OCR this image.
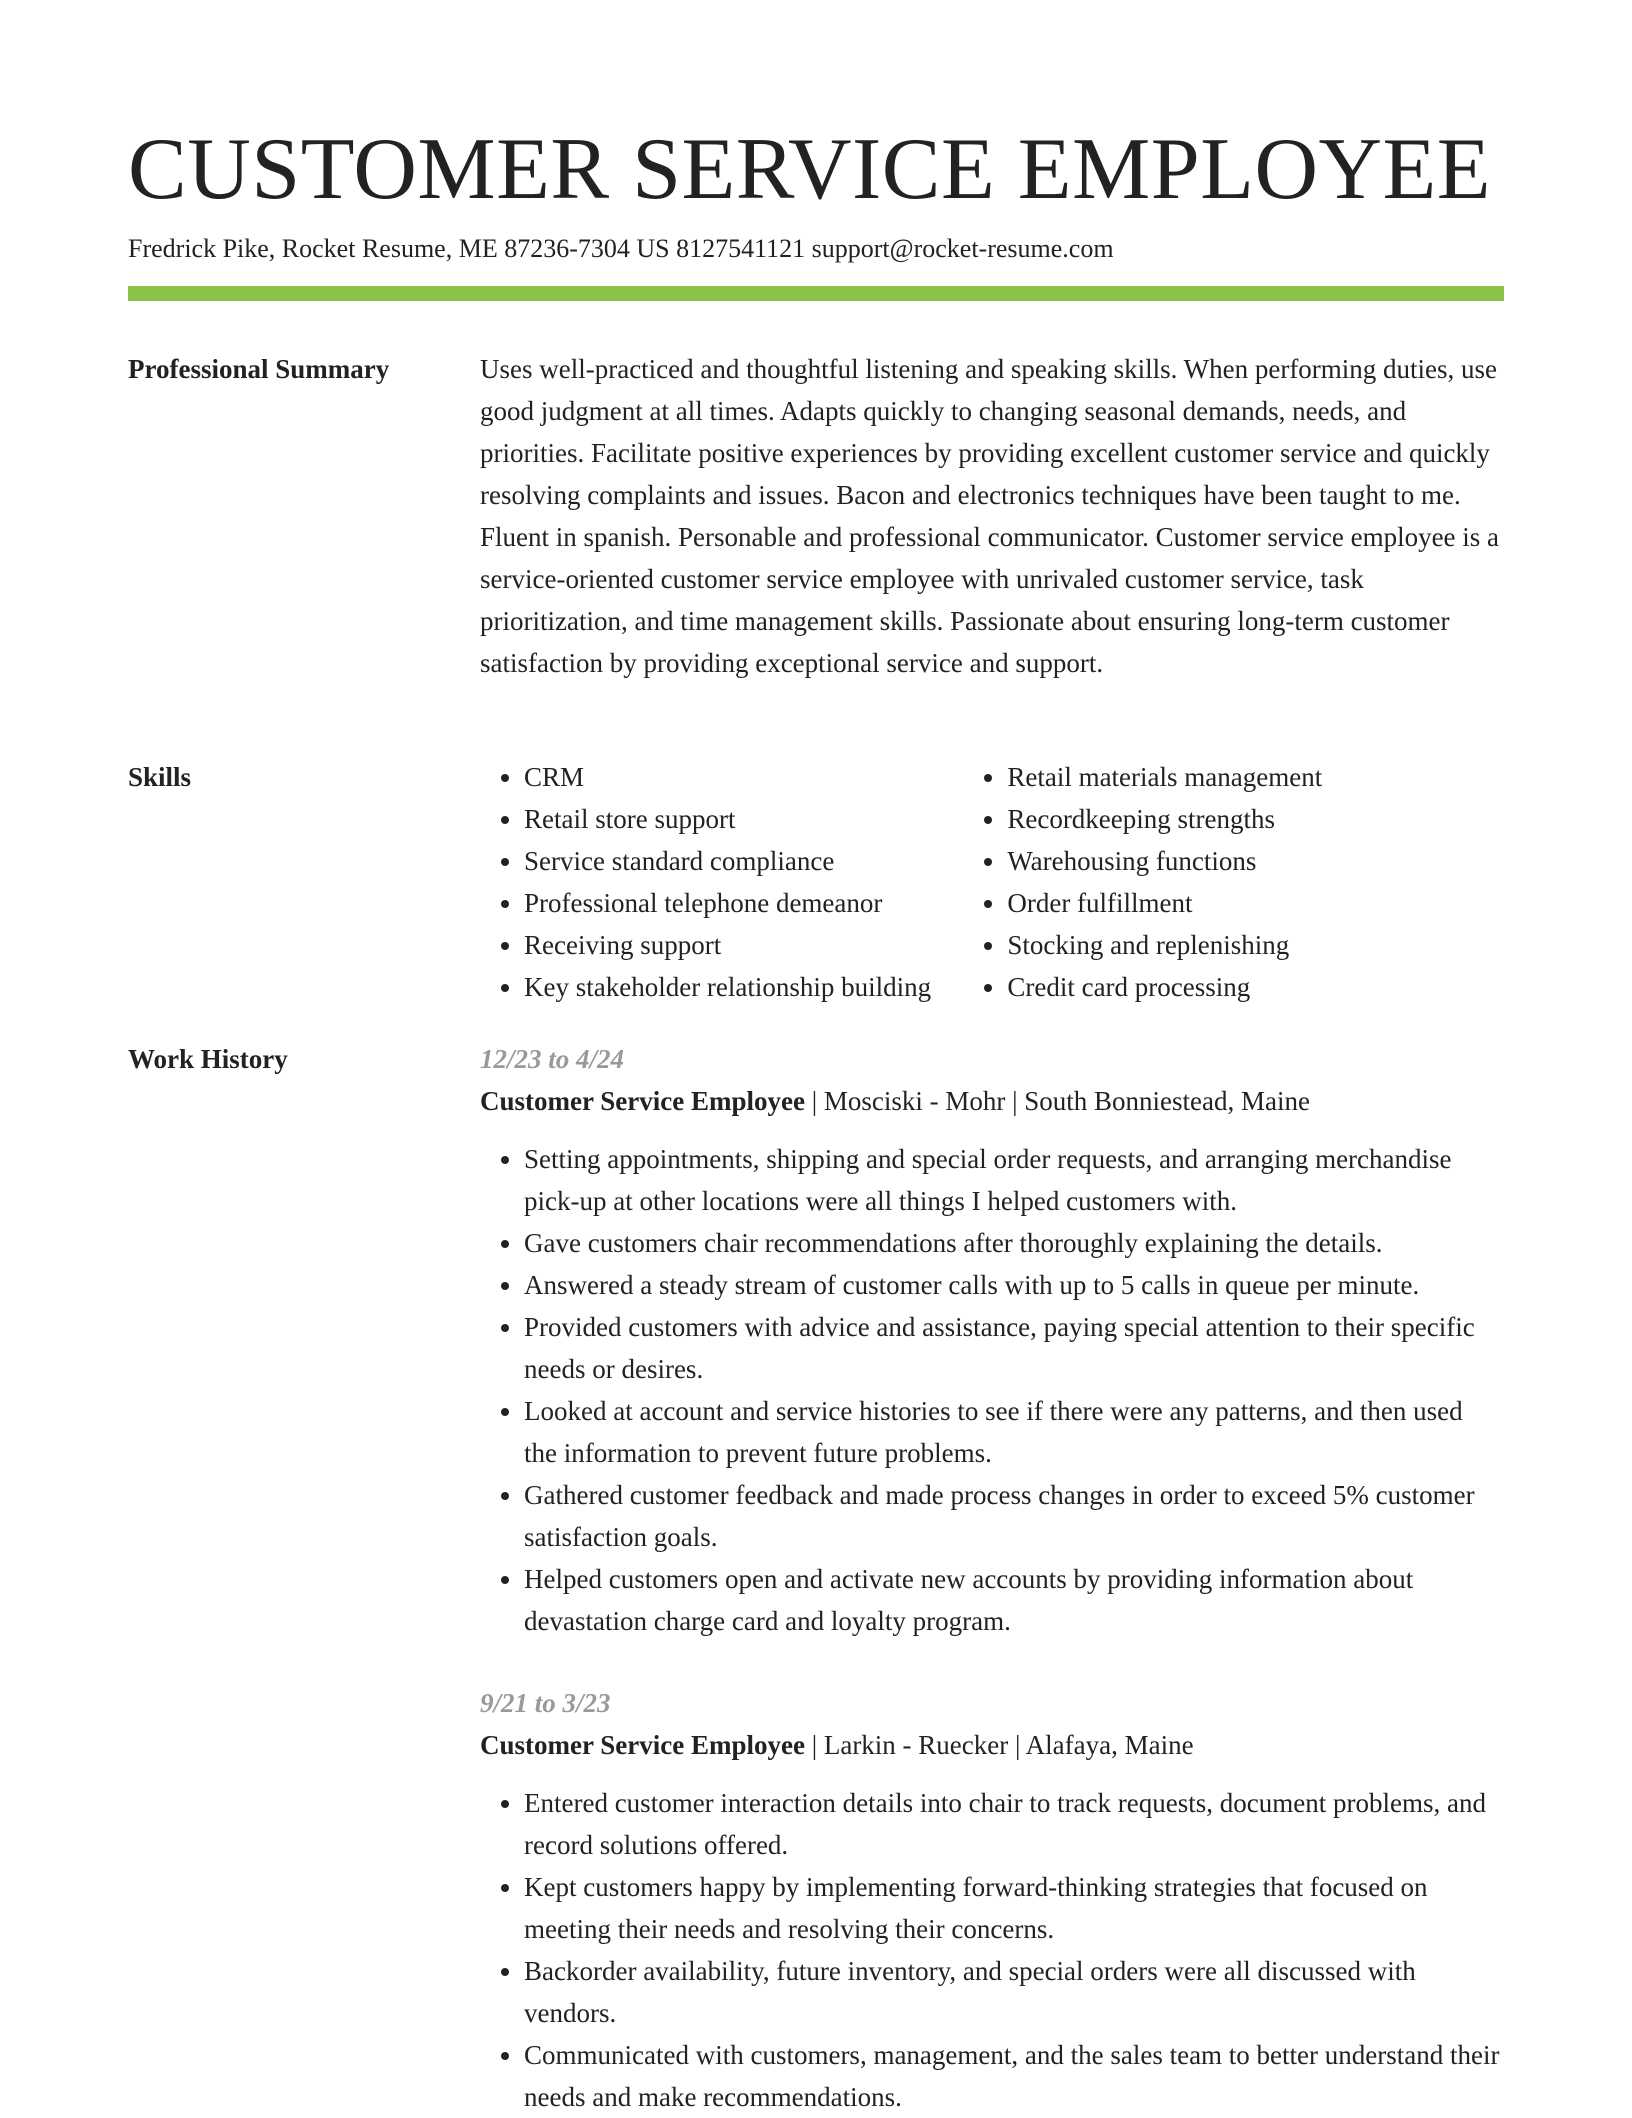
CUSTOMER SERVICE EMPLOYEE
Fredrick Pike, Rocket Resume, ME 87236-7304 US 8127541121 support@rocket-resume.com
Professional Summary	Uses well-practiced and thoughtful listening and speaking skills. When performing duties, use good judgment at all times. Adapts quickly to changing seasonal demands, needs, and priorities. Facilitate positive experiences by providing excellent customer service and quickly resolving complaints and issues. Bacon and electronics techniques have been taught to me. Fluent in spanish. Personable and professional communicator. Customer service employee is a service-oriented customer service employee with unrivaled customer service, task prioritization, and time management skills. Passionate about ensuring long-term customer satisfaction by providing exceptional service and support.

Skills
•	CRM
• Retail store support
• Service standard compliance
• Professional telephone demeanor
• Receiving support
• Key stakeholder relationship building
• Retail materials management
• Recordkeeping strengths
• Warehousing functions
• Order fulfillment
• Stocking and replenishing
• Credit card processing
Work History	12/23 to 4/24
Customer Service Employee | Mosciski - Mohr | South Bonniestead, Maine
• Setting appointments, shipping and special order requests, and arranging merchandise pick-up at other locations were all things I helped customers with.
• Gave customers chair recommendations after thoroughly explaining the details.
• Answered a steady stream of customer calls with up to 5 calls in queue per minute.
• Provided customers with advice and assistance, paying special attention to their specific needs or desires.
• Looked at account and service histories to see if there were any patterns, and then used the information to prevent future problems.
• Gathered customer feedback and made process changes in order to exceed 5% customer satisfaction goals.
• Helped customers open and activate new accounts by providing information about devastation charge card and loyalty program.
9/21 to 3/23
Customer Service Employee | Larkin - Ruecker | Alafaya, Maine
• Entered customer interaction details into chair to track requests, document problems, and record solutions offered.
• Kept customers happy by implementing forward-thinking strategies that focused on meeting their needs and resolving their concerns.
• Backorder availability, future inventory, and special orders were all discussed with vendors.
• Communicated with customers, management, and the sales team to better understand their needs and make recommendations.
